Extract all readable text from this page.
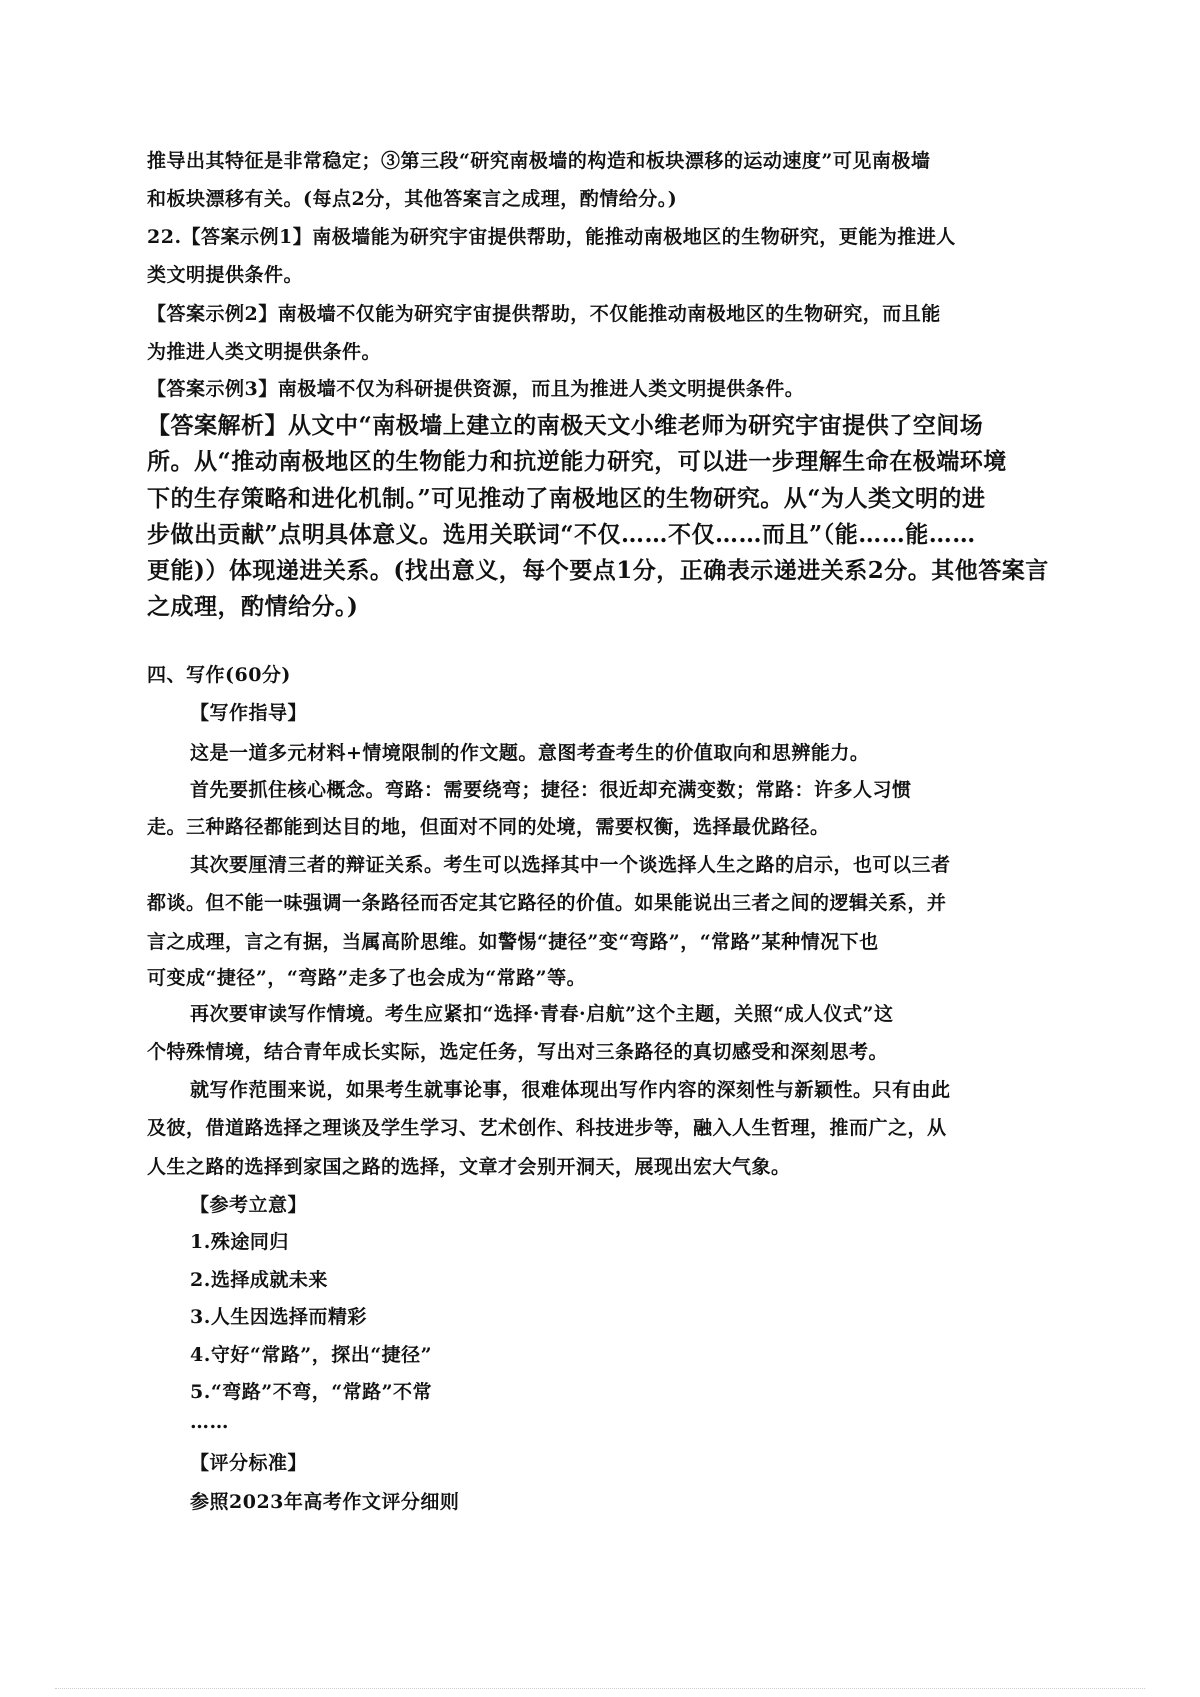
推导出其特征是非常稳定；③第三段“研究南极墙的构造和板块漂移的运动速度”可见南极墙
和板块漂移有关。(每点2分，其他答案言之成理，酌情给分。)
22.【答案示例1】南极墙能为研究宇宙提供帮助，能推动南极地区的生物研究，更能为推进人
类文明提供条件。
【答案示例2】南极墙不仅能为研究宇宙提供帮助，不仅能推动南极地区的生物研究，而且能
为推进人类文明提供条件。
【答案示例3】南极墙不仅为科研提供资源，而且为推进人类文明提供条件。
【答案解析】从文中“南极墙上建立的南极天文小维老师为研究宇宙提供了空间场
所。从“推动南极地区的生物能力和抗逆能力研究，可以进一步理解生命在极端环境
下的生存策略和进化机制。”可见推动了南极地区的生物研究。从“为人类文明的进
步做出贡献”点明具体意义。选用关联词“不仅……不仅……而且”（能……能……
更能)）体现递进关系。(找出意义，每个要点1分，正确表示递进关系2分。其他答案言
之成理，酌情给分。)
四、写作(60分)
【写作指导】
这是一道多元材料+情境限制的作文题。意图考查考生的价值取向和思辨能力。
首先要抓住核心概念。弯路：需要绕弯；捷径：很近却充满变数；常路：许多人习惯
走。三种路径都能到达目的地，但面对不同的处境，需要权衡，选择最优路径。
其次要厘清三者的辩证关系。考生可以选择其中一个谈选择人生之路的启示，也可以三者
都谈。但不能一味强调一条路径而否定其它路径的价值。如果能说出三者之间的逻辑关系，并
言之成理，言之有据，当属高阶思维。如警惕“捷径”变“弯路”，“常路”某种情况下也
可变成“捷径”，“弯路”走多了也会成为“常路”等。
再次要审读写作情境。考生应紧扣“选择·青春·启航”这个主题，关照“成人仪式”这
个特殊情境，结合青年成长实际，选定任务，写出对三条路径的真切感受和深刻思考。
就写作范围来说，如果考生就事论事，很难体现出写作内容的深刻性与新颖性。只有由此
及彼，借道路选择之理谈及学生学习、艺术创作、科技进步等，融入人生哲理，推而广之，从
人生之路的选择到家国之路的选择，文章才会别开洞天，展现出宏大气象。
【参考立意】
1.殊途同归
2.选择成就未来
3.人生因选择而精彩
4.守好“常路”，探出“捷径”
5.“弯路”不弯，“常路”不常
……
【评分标准】
参照2023年高考作文评分细则
